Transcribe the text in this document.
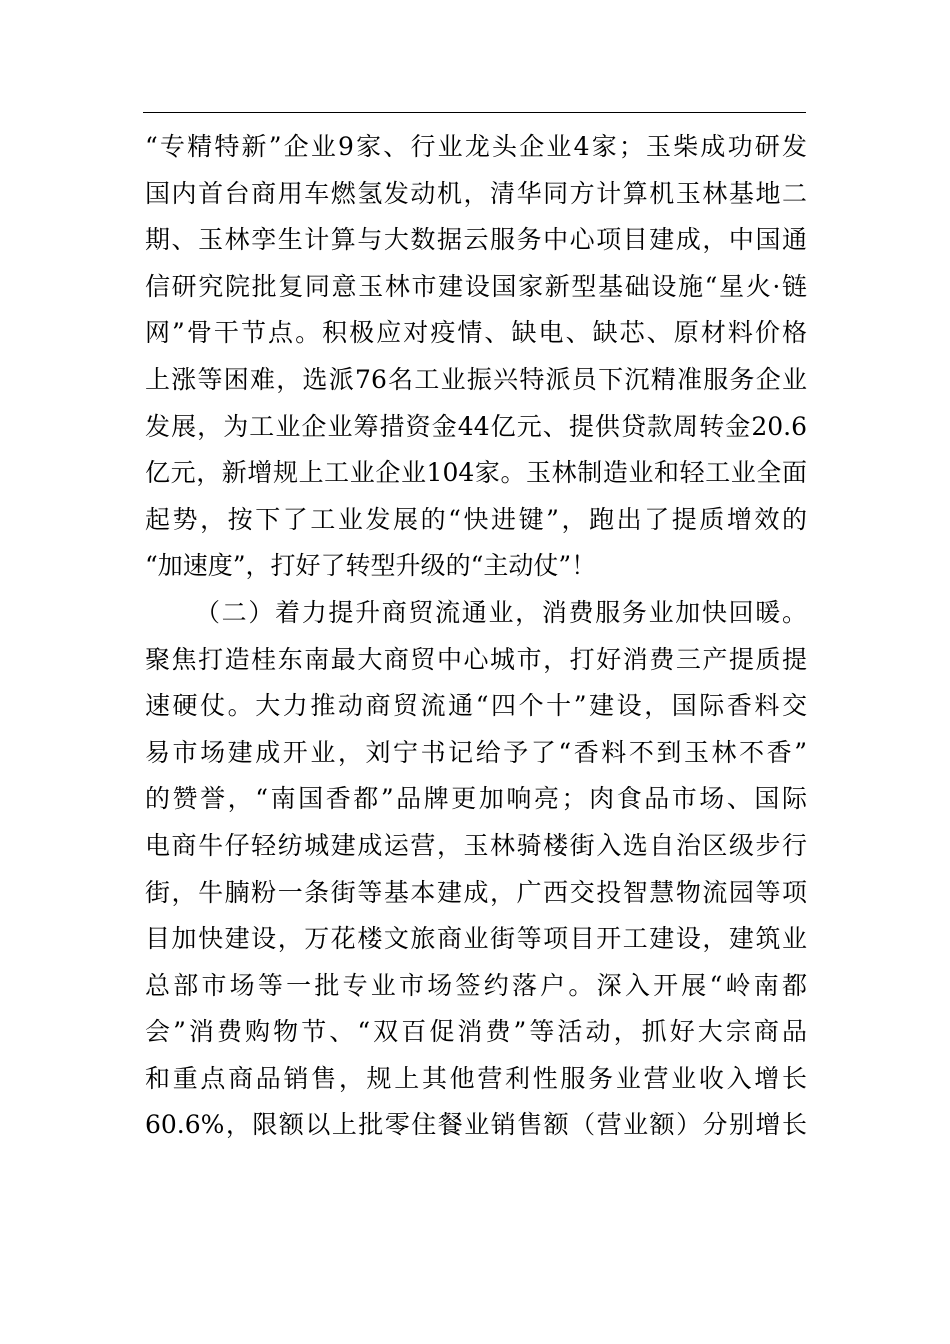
“专精特新”企业9家、行业龙头企业4家；玉柴成功研发
国内首台商用车燃氢发动机，清华同方计算机玉林基地二
期、玉林孪生计算与大数据云服务中心项目建成，中国通
信研究院批复同意玉林市建设国家新型基础设施“星火·链
网”骨干节点。积极应对疫情、缺电、缺芯、原材料价格
上涨等困难，选派76名工业振兴特派员下沉精准服务企业
发展，为工业企业筹措资金44亿元、提供贷款周转金20.6
亿元，新增规上工业企业104家。玉林制造业和轻工业全面
起势，按下了工业发展的“快进键”，跑出了提质增效的
“加速度”，打好了转型升级的“主动仗”！
（二）着力提升商贸流通业，消费服务业加快回暖。
聚焦打造桂东南最大商贸中心城市，打好消费三产提质提
速硬仗。大力推动商贸流通“四个十”建设，国际香料交
易市场建成开业，刘宁书记给予了“香料不到玉林不香”
的赞誉，“南国香都”品牌更加响亮；肉食品市场、国际
电商牛仔轻纺城建成运营，玉林骑楼街入选自治区级步行
街，牛腩粉一条街等基本建成，广西交投智慧物流园等项
目加快建设，万花楼文旅商业街等项目开工建设，建筑业
总部市场等一批专业市场签约落户。深入开展“岭南都
会”消费购物节、“双百促消费”等活动，抓好大宗商品
和重点商品销售，规上其他营利性服务业营业收入增长
60.6%，限额以上批零住餐业销售额（营业额）分别增长
